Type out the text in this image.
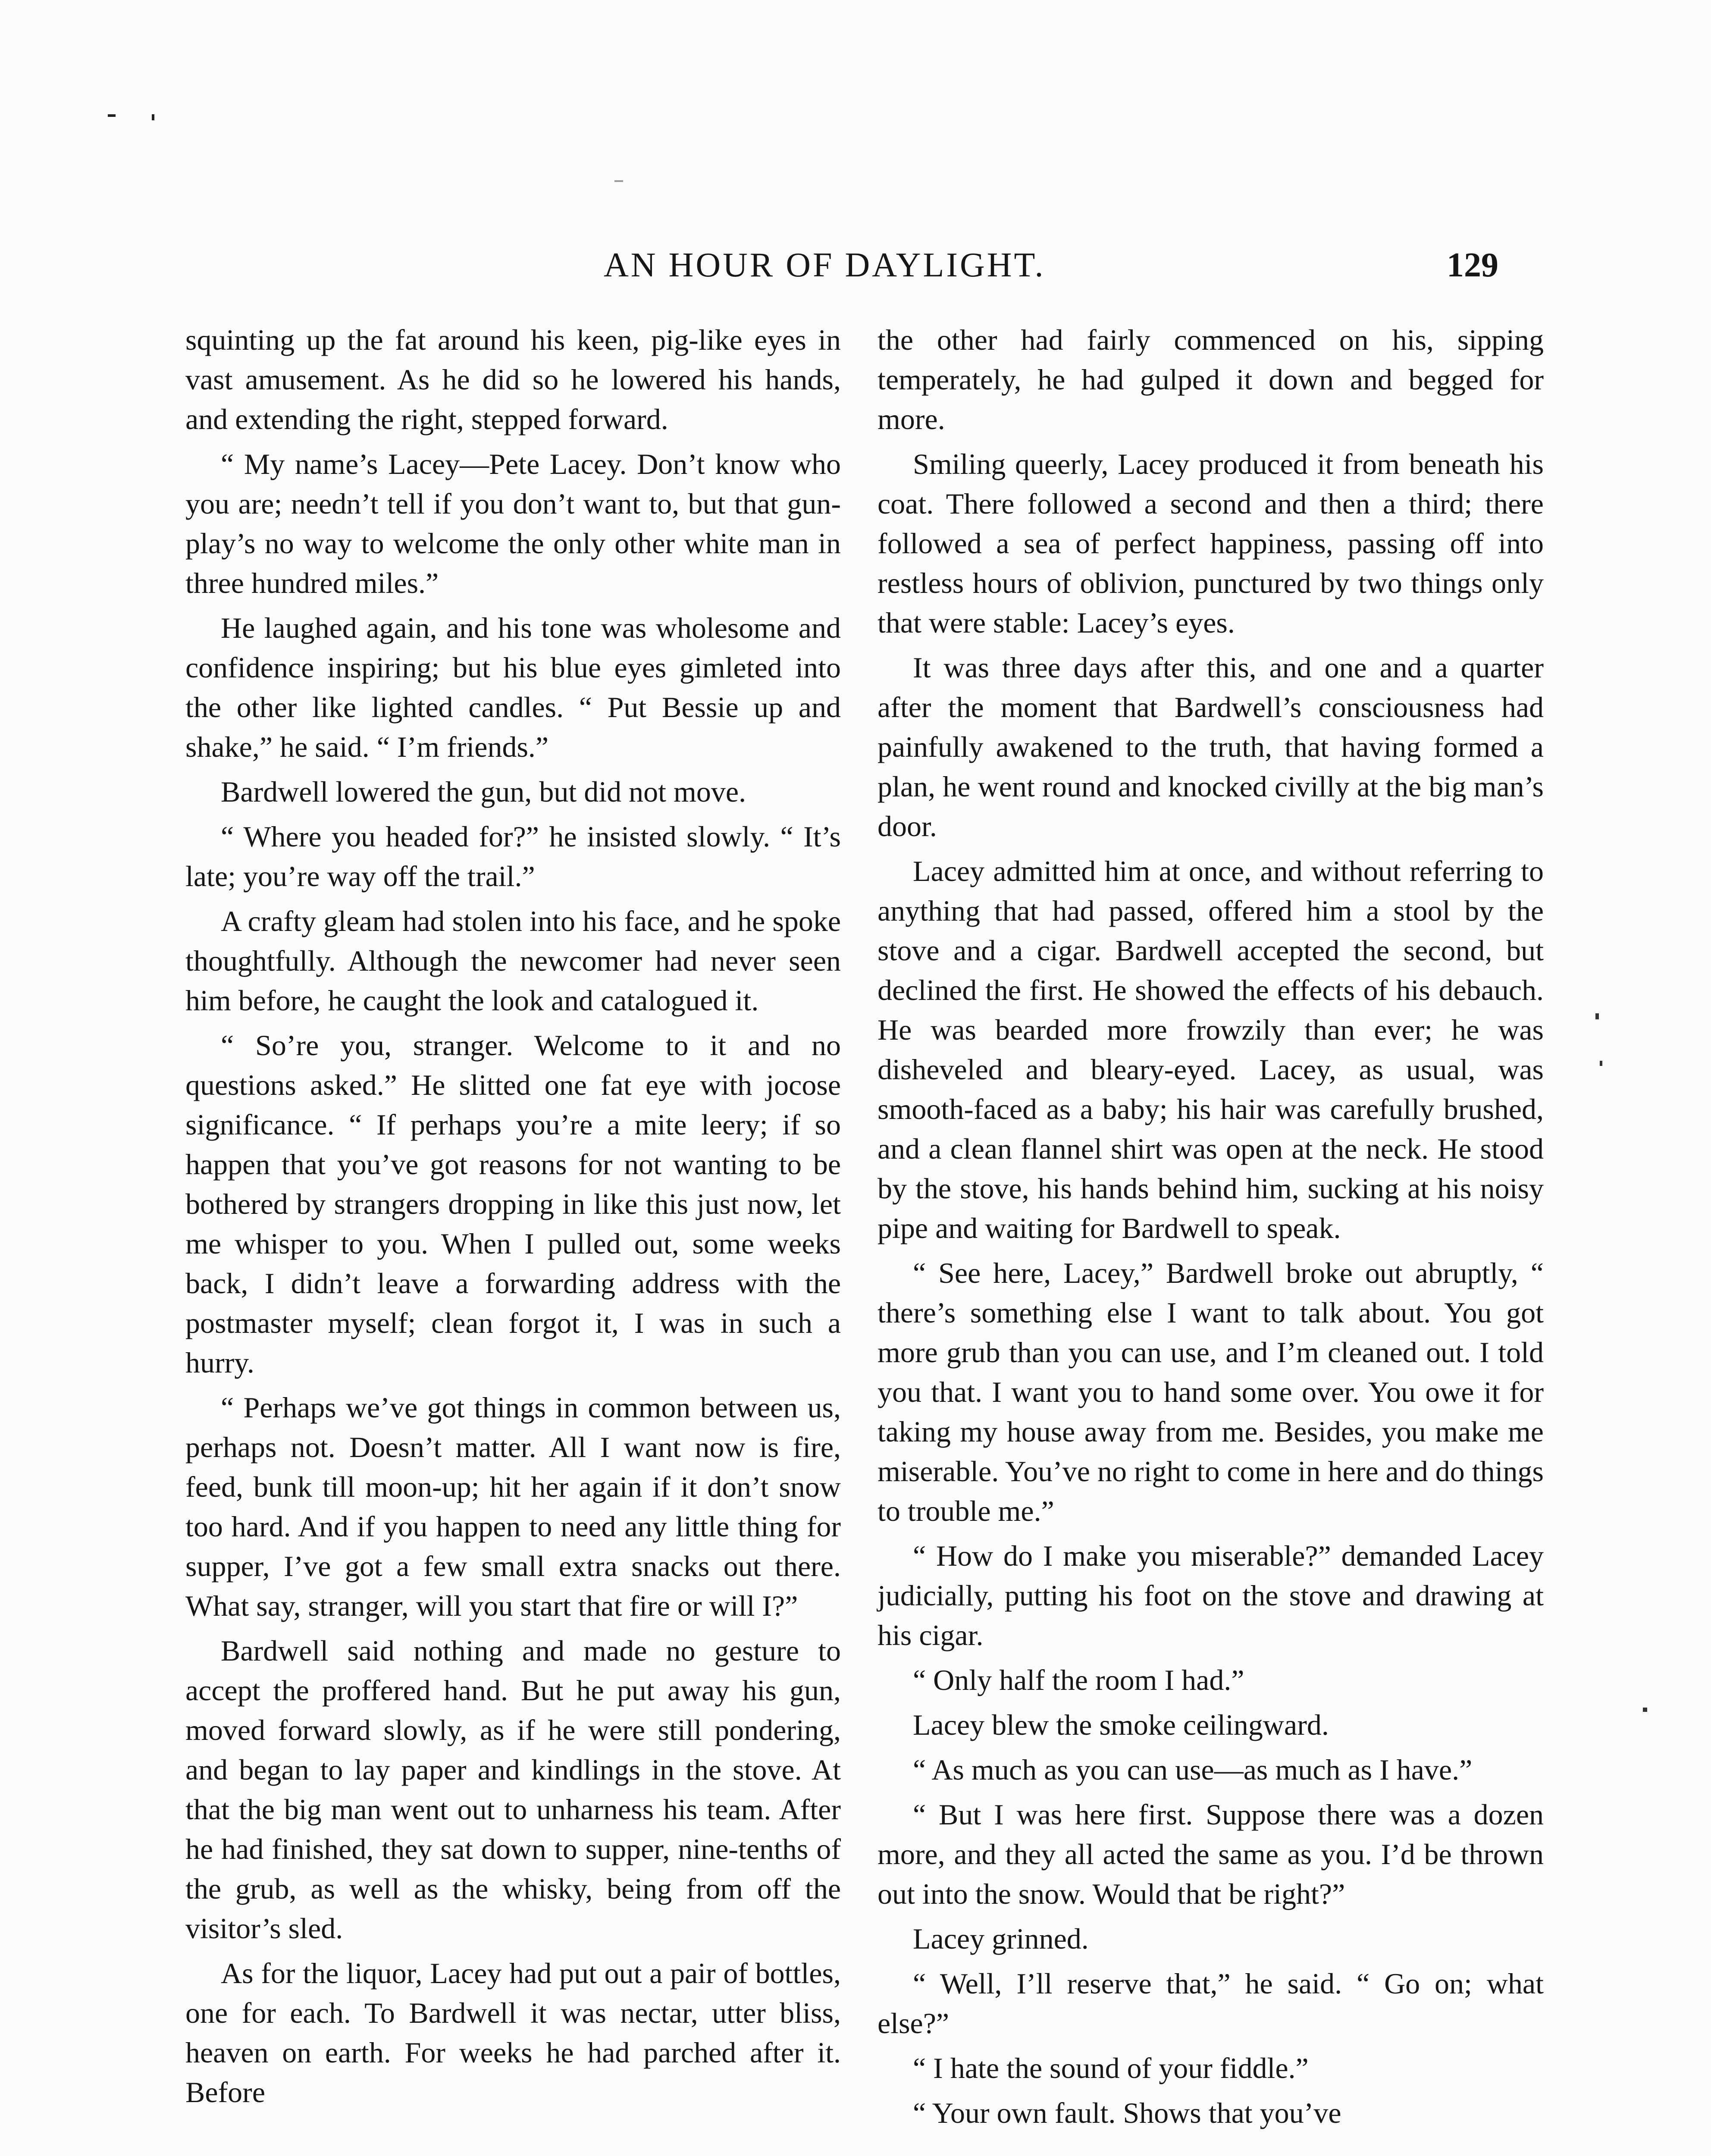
AN HOUR OF DAYLIGHT.	129

squinting up the fat around his keen, pig-like eyes in vast amusement. As he did so he lowered his hands, and extending the right, stepped forward.

“ My name’s Lacey—Pete Lacey. Don’t know who you are; needn’t tell if you don’t want to, but that gun-play’s no way to welcome the only other white man in three hundred miles.”

He laughed again, and his tone was wholesome and confidence inspiring; but his blue eyes gimleted into the other like lighted candles. “ Put Bessie up and shake,” he said. “ I’m friends.”

Bardwell lowered the gun, but did not move.

“ Where you headed for?” he insisted slowly. “ It’s late; you’re way off the trail.”

A crafty gleam had stolen into his face, and he spoke thoughtfully. Although the newcomer had never seen him before, he caught the look and catalogued it.

“ So’re you, stranger. Welcome to it and no questions asked.” He slitted one fat eye with jocose significance. “ If perhaps you’re a mite leery; if so happen that you’ve got reasons for not wanting to be bothered by strangers dropping in like this just now, let me whisper to you. When I pulled out, some weeks back, I didn’t leave a forwarding address with the postmaster myself; clean forgot it, I was in such a hurry.

“ Perhaps we’ve got things in common between us, perhaps not. Doesn’t matter. All I want now is fire, feed, bunk till moon-up; hit her again if it don’t snow too hard. And if you happen to need any little thing for supper, I’ve got a few small extra snacks out there. What say, stranger, will you start that fire or will I?”

Bardwell said nothing and made no gesture to accept the proffered hand. But he put away his gun, moved forward slowly, as if he were still pondering, and began to lay paper and kindlings in the stove. At that the big man went out to unharness his team. After he had finished, they sat down to supper, nine-tenths of the grub, as well as the whisky, being from off the visitor’s sled.

As for the liquor, Lacey had put out a pair of bottles, one for each. To Bardwell it was nectar, utter bliss, heaven on earth. For weeks he had parched after it. Before

the other had fairly commenced on his, sipping temperately, he had gulped it down and begged for more.

Smiling queerly, Lacey produced it from beneath his coat. There followed a second and then a third; there followed a sea of perfect happiness, passing off into restless hours of oblivion, punctured by two things only that were stable: Lacey’s eyes.

It was three days after this, and one and a quarter after the moment that Bardwell’s consciousness had painfully awakened to the truth, that having formed a plan, he went round and knocked civilly at the big man’s door.

Lacey admitted him at once, and without referring to anything that had passed, offered him a stool by the stove and a cigar. Bardwell accepted the second, but declined the first. He showed the effects of his debauch. He was bearded more frowzily than ever; he was disheveled and bleary-eyed. Lacey, as usual, was smooth-faced as a baby; his hair was carefully brushed, and a clean flannel shirt was open at the neck. He stood by the stove, his hands behind him, sucking at his noisy pipe and waiting for Bardwell to speak.

“ See here, Lacey,” Bardwell broke out abruptly, “ there’s something else I want to talk about. You got more grub than you can use, and I’m cleaned out. I told you that. I want you to hand some over. You owe it for taking my house away from me. Besides, you make me miserable. You’ve no right to come in here and do things to trouble me.”

“ How do I make you miserable?” demanded Lacey judicially, putting his foot on the stove and drawing at his cigar.

“ Only half the room I had.”

Lacey blew the smoke ceilingward.

“ As much as you can use—as much as I have.”

“ But I was here first. Suppose there was a dozen more, and they all acted the same as you. I’d be thrown out into the snow. Would that be right?”

Lacey grinned.

“ Well, I’ll reserve that,” he said. “ Go on; what else?”

“ I hate the sound of your fiddle.”

“ Your own fault. Shows that you’ve
